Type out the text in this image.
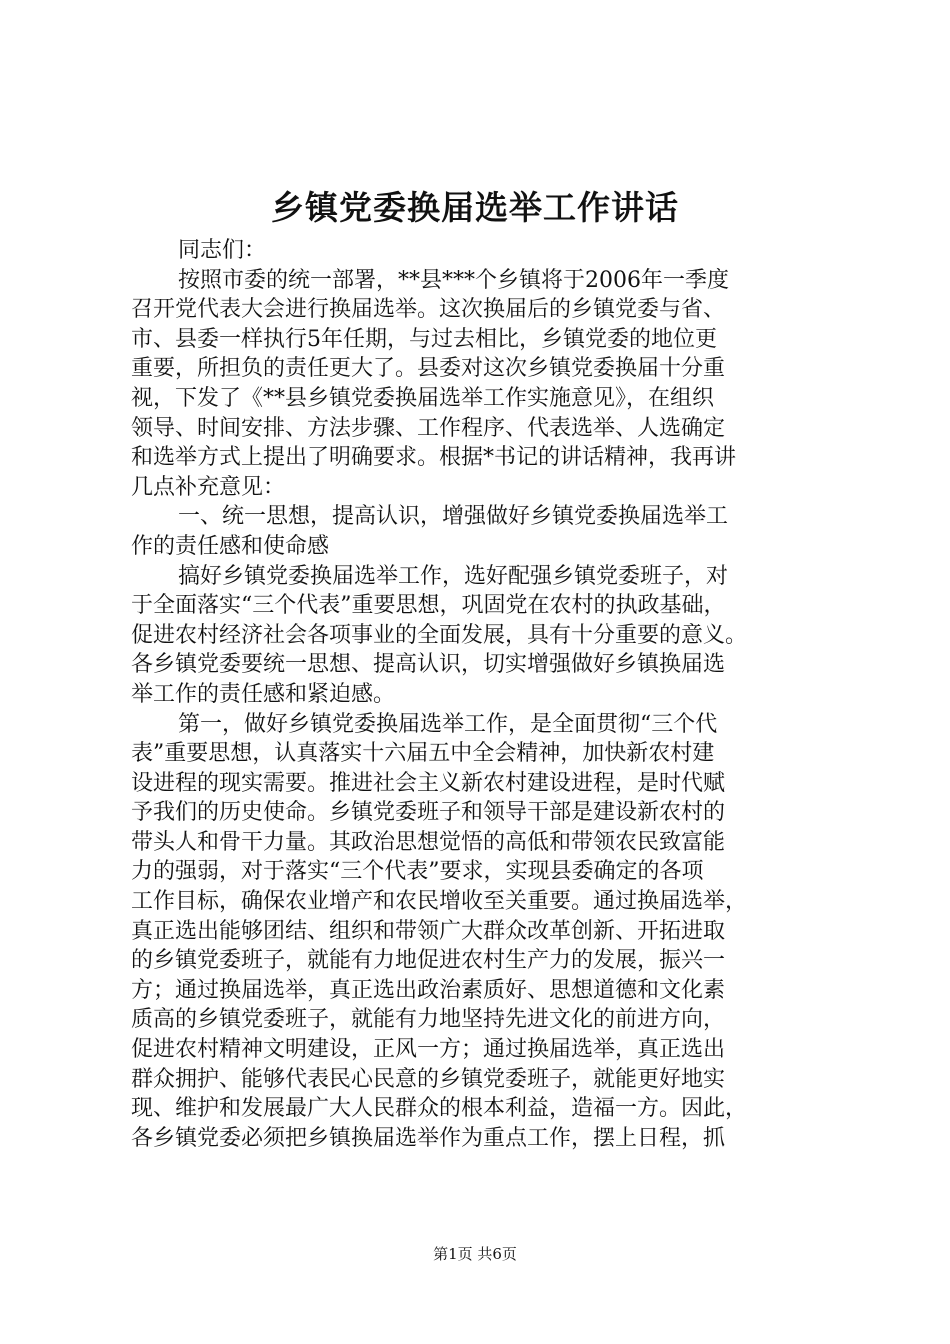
乡镇党委换届选举工作讲话
同志们：
按照市委的统一部署，**县***个乡镇将于2006年一季度
召开党代表大会进行换届选举。这次换届后的乡镇党委与省、
市、县委一样执行5年任期，与过去相比，乡镇党委的地位更
重要，所担负的责任更大了。县委对这次乡镇党委换届十分重
视，下发了《**县乡镇党委换届选举工作实施意见》，在组织
领导、时间安排、方法步骤、工作程序、代表选举、人选确定
和选举方式上提出了明确要求。根据*书记的讲话精神，我再讲
几点补充意见：
一、统一思想，提高认识，增强做好乡镇党委换届选举工
作的责任感和使命感
搞好乡镇党委换届选举工作，选好配强乡镇党委班子，对
于全面落实“三个代表”重要思想，巩固党在农村的执政基础，
促进农村经济社会各项事业的全面发展，具有十分重要的意义。
各乡镇党委要统一思想、提高认识，切实增强做好乡镇换届选
举工作的责任感和紧迫感。
第一，做好乡镇党委换届选举工作，是全面贯彻“三个代
表”重要思想，认真落实十六届五中全会精神，加快新农村建
设进程的现实需要。推进社会主义新农村建设进程，是时代赋
予我们的历史使命。乡镇党委班子和领导干部是建设新农村的
带头人和骨干力量。其政治思想觉悟的高低和带领农民致富能
力的强弱，对于落实“三个代表”要求，实现县委确定的各项
工作目标，确保农业增产和农民增收至关重要。通过换届选举，
真正选出能够团结、组织和带领广大群众改革创新、开拓进取
的乡镇党委班子，就能有力地促进农村生产力的发展，振兴一
方；通过换届选举，真正选出政治素质好、思想道德和文化素
质高的乡镇党委班子，就能有力地坚持先进文化的前进方向，
促进农村精神文明建设，正风一方；通过换届选举，真正选出
群众拥护、能够代表民心民意的乡镇党委班子，就能更好地实
现、维护和发展最广大人民群众的根本利益，造福一方。因此，
各乡镇党委必须把乡镇换届选举作为重点工作，摆上日程，抓
第1页 共6页
